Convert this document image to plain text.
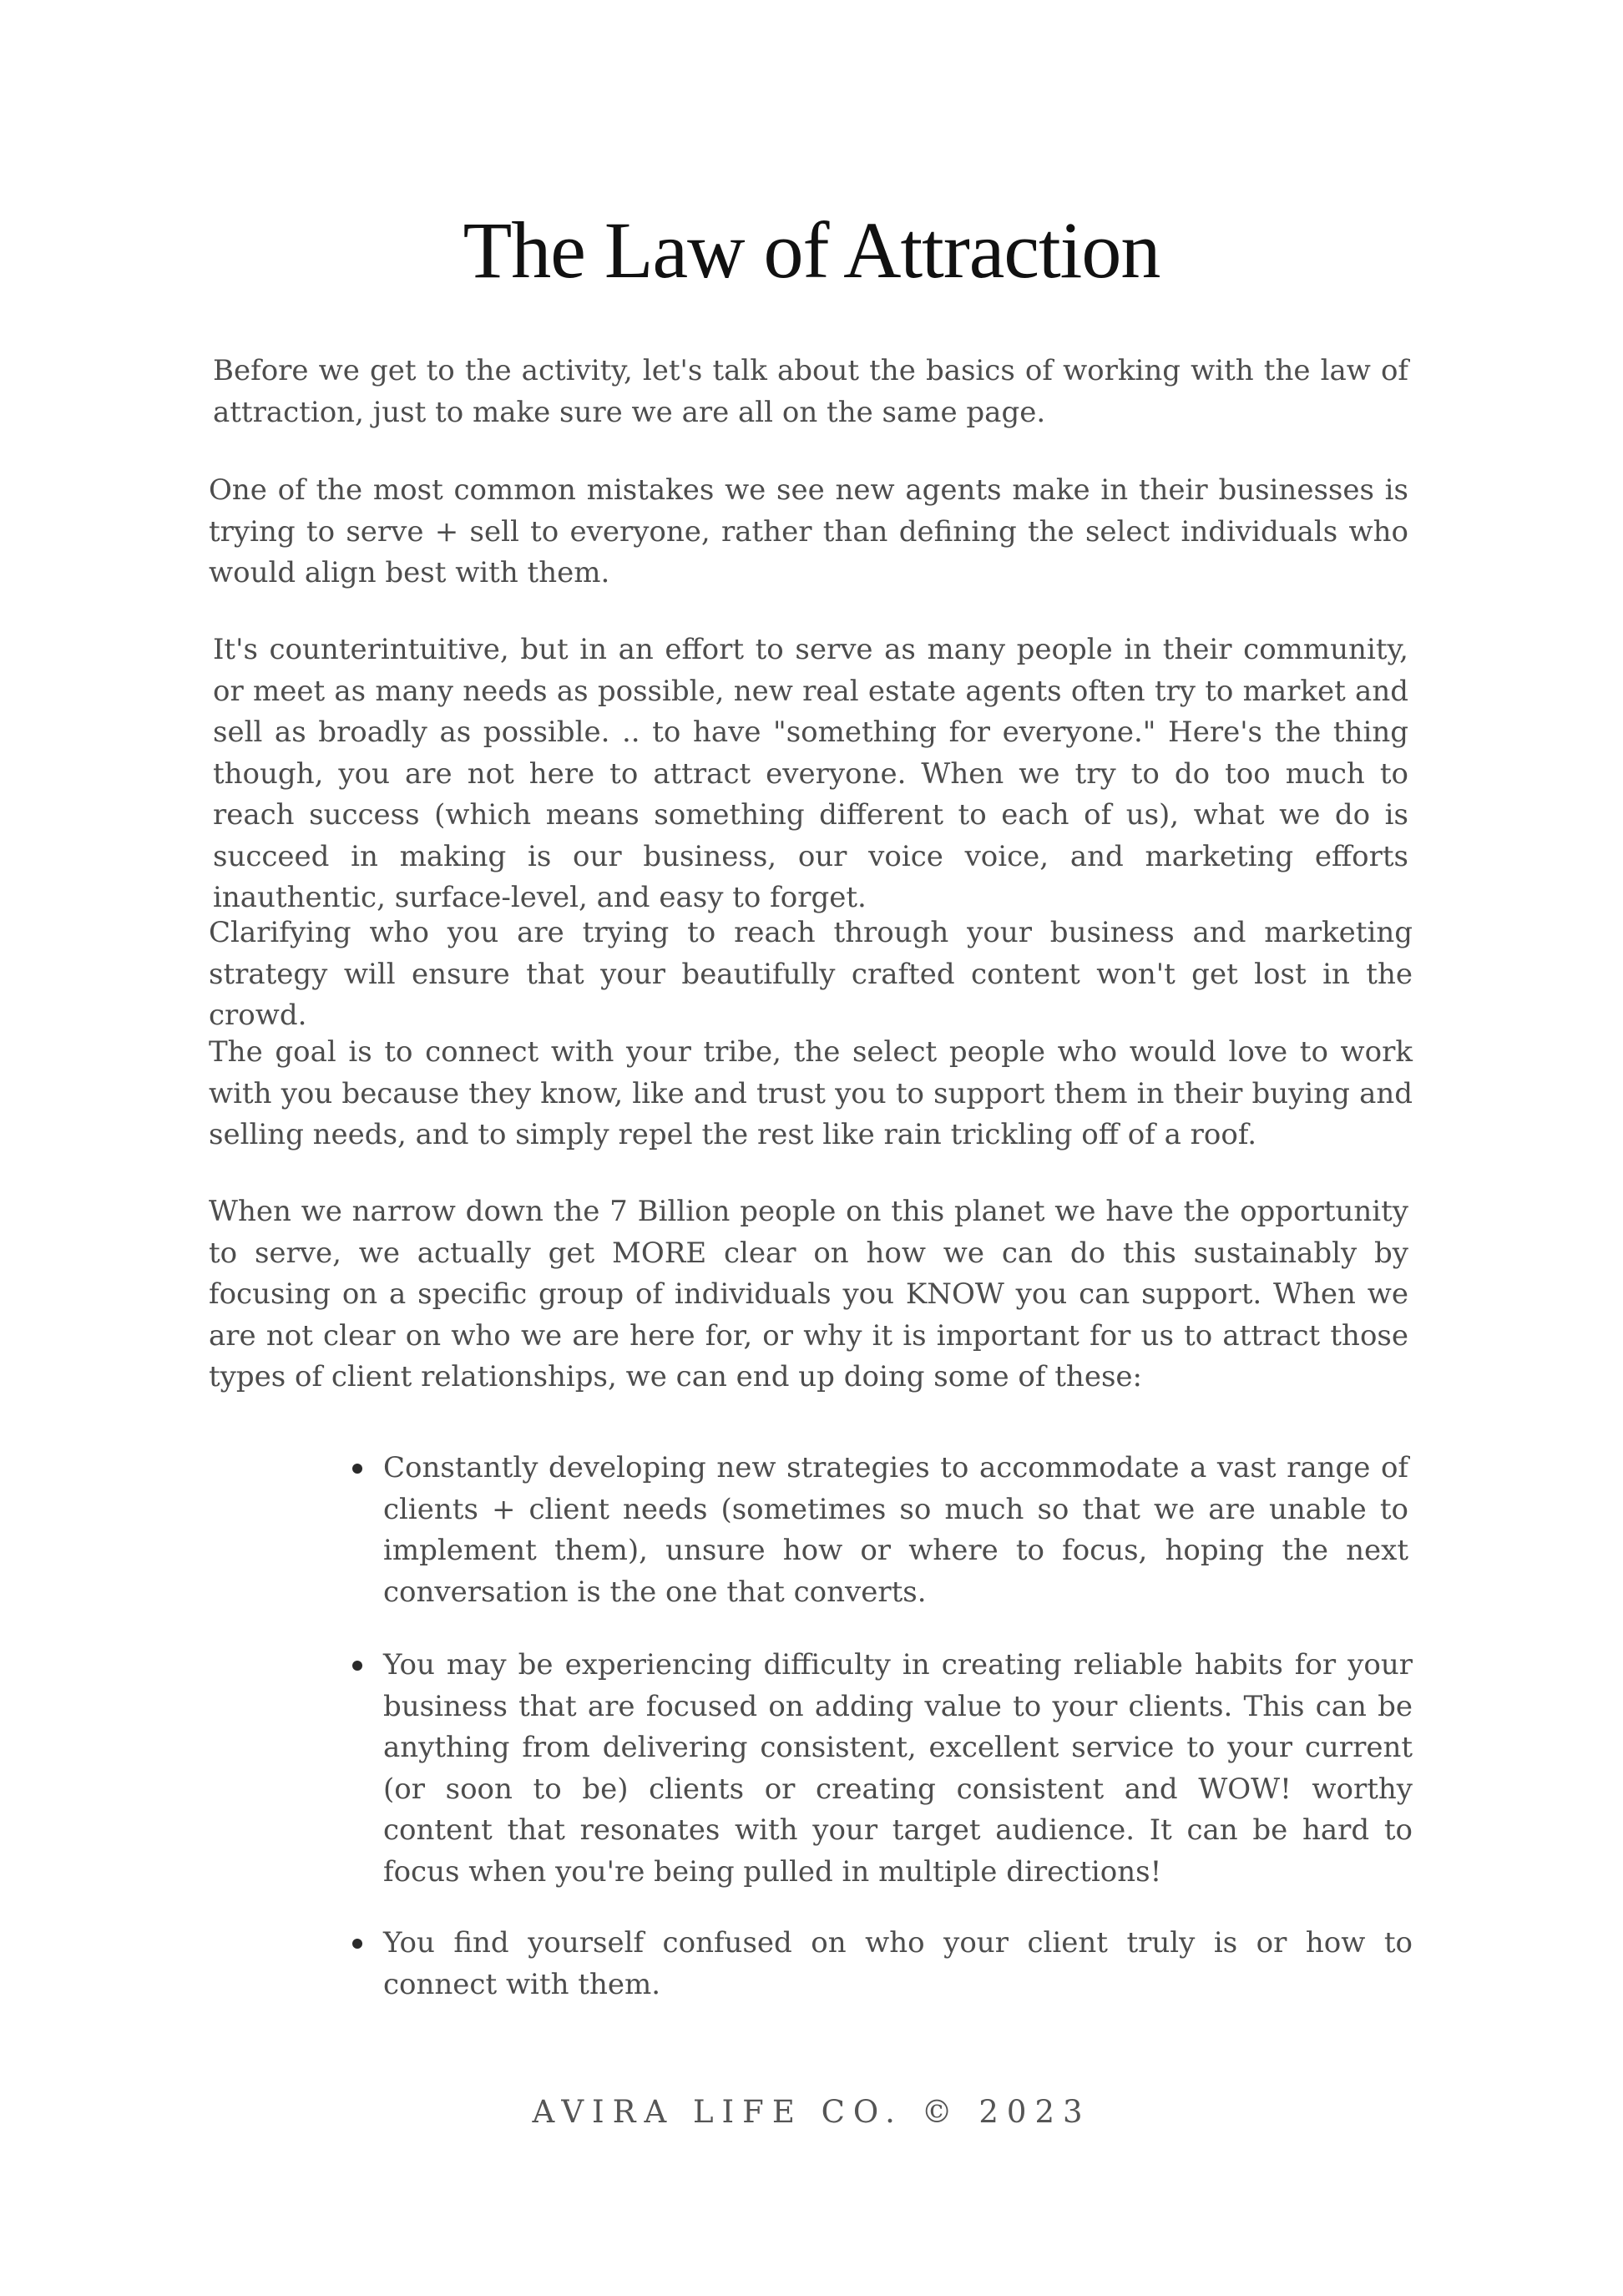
The Law of Attraction

Before we get to the activity, let's talk about the basics of working with the law of attraction, just to make sure we are all on the same page.

One of the most common mistakes we see new agents make in their businesses is trying to serve + sell to everyone, rather than defining the select individuals who would align best with them.

It's counterintuitive, but in an effort to serve as many people in their community, or meet as many needs as possible, new real estate agents often try to market and sell as broadly as possible. .. to have "something for everyone." Here's the thing though, you are not here to attract everyone. When we try to do too much to reach success (which means something different to each of us), what we do is succeed in making is our business, our voice voice, and marketing efforts inauthentic, surface-level, and easy to forget.

Clarifying who you are trying to reach through your business and marketing strategy will ensure that your beautifully crafted content won't get lost in the crowd.

The goal is to connect with your tribe, the select people who would love to work with you because they know, like and trust you to support them in their buying and selling needs, and to simply repel the rest like rain trickling off of a roof.

When we narrow down the 7 Billion people on this planet we have the opportunity to serve, we actually get MORE clear on how we can do this sustainably by focusing on a specific group of individuals you KNOW you can support. When we are not clear on who we are here for, or why it is important for us to attract those types of client relationships, we can end up doing some of these:

Constantly developing new strategies to accommodate a vast range of clients + client needs (sometimes so much so that we are unable to implement them), unsure how or where to focus, hoping the next conversation is the one that converts.
You may be experiencing difficulty in creating reliable habits for your business that are focused on adding value to your clients. This can be anything from delivering consistent, excellent service to your current (or soon to be) clients or creating consistent and WOW! worthy content that resonates with your target audience. It can be hard to focus when you're being pulled in multiple directions!
You find yourself confused on who your client truly is or how to connect with them.
AVIRA LIFE CO. © 2023
